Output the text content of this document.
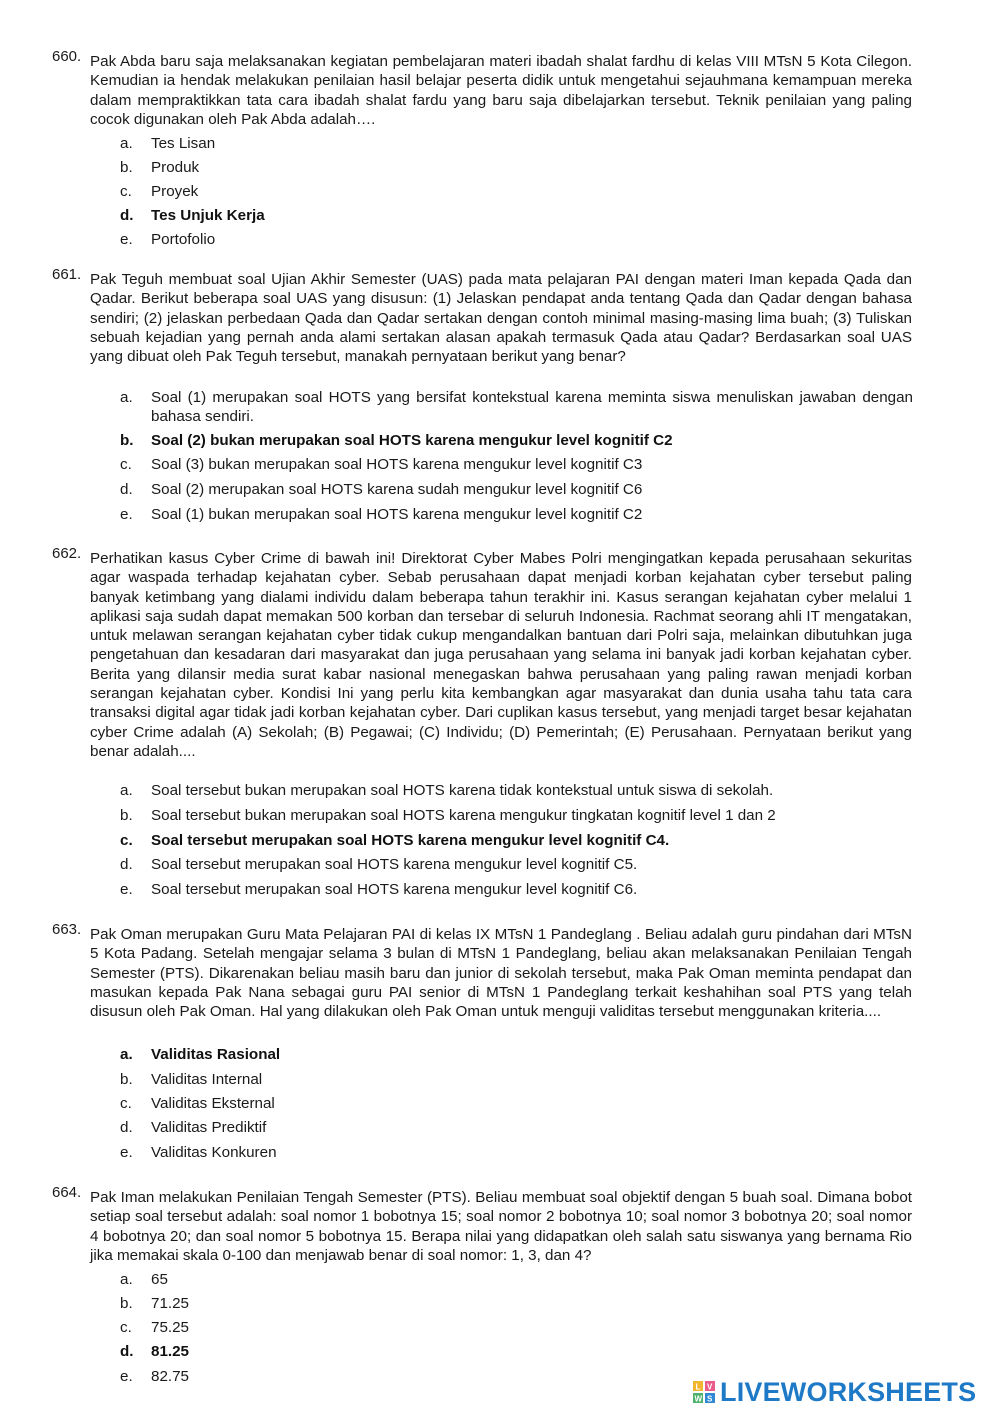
660. Pak Abda baru saja melaksanakan kegiatan pembelajaran materi ibadah shalat fardhu di kelas VIII MTsN 5 Kota Cilegon. Kemudian ia hendak melakukan penilaian hasil belajar peserta didik untuk mengetahui sejauhmana kemampuan mereka dalam mempraktikkan tata cara ibadah shalat fardu yang baru saja dibelajarkan tersebut. Teknik penilaian yang paling cocok digunakan oleh Pak Abda adalah….
a. Tes Lisan
b. Produk
c. Proyek
d. Tes Unjuk Kerja
e. Portofolio
661. Pak Teguh membuat soal Ujian Akhir Semester (UAS) pada mata pelajaran PAI dengan materi Iman kepada Qada dan Qadar. Berikut beberapa soal UAS yang disusun: (1) Jelaskan pendapat anda tentang Qada dan Qadar dengan bahasa sendiri; (2) jelaskan perbedaan Qada dan Qadar sertakan dengan contoh minimal masing-masing lima buah; (3) Tuliskan sebuah kejadian yang pernah anda alami sertakan alasan apakah termasuk Qada atau Qadar? Berdasarkan soal UAS yang dibuat oleh Pak Teguh tersebut, manakah pernyataan berikut yang benar?
a. Soal (1) merupakan soal HOTS yang bersifat kontekstual karena meminta siswa menuliskan jawaban dengan bahasa sendiri.
b. Soal (2) bukan merupakan soal HOTS karena mengukur level kognitif C2
c. Soal (3) bukan merupakan soal HOTS karena mengukur level kognitif C3
d. Soal (2) merupakan soal HOTS karena sudah mengukur level kognitif C6
e. Soal (1) bukan merupakan soal HOTS karena mengukur level kognitif C2
662. Perhatikan kasus Cyber Crime di bawah ini! Direktorat Cyber Mabes Polri mengingatkan kepada perusahaan sekuritas agar waspada terhadap kejahatan cyber. Sebab perusahaan dapat menjadi korban kejahatan cyber tersebut paling banyak ketimbang yang dialami individu dalam beberapa tahun terakhir ini. Kasus serangan kejahatan cyber melalui 1 aplikasi saja sudah dapat memakan 500 korban dan tersebar di seluruh Indonesia. Rachmat seorang ahli IT mengatakan, untuk melawan serangan kejahatan cyber tidak cukup mengandalkan bantuan dari Polri saja, melainkan dibutuhkan juga pengetahuan dan kesadaran dari masyarakat dan juga perusahaan yang selama ini banyak jadi korban kejahatan cyber. Berita yang dilansir media surat kabar nasional menegaskan bahwa perusahaan yang paling rawan menjadi korban serangan kejahatan cyber. Kondisi Ini yang perlu kita kembangkan agar masyarakat dan dunia usaha tahu tata cara transaksi digital agar tidak jadi korban kejahatan cyber. Dari cuplikan kasus tersebut, yang menjadi target besar kejahatan cyber Crime adalah (A) Sekolah; (B) Pegawai; (C) Individu; (D) Pemerintah; (E) Perusahaan. Pernyataan berikut yang benar adalah....
a. Soal tersebut bukan merupakan soal HOTS karena tidak kontekstual untuk siswa di sekolah.
b. Soal tersebut bukan merupakan soal HOTS karena mengukur tingkatan kognitif level 1 dan 2
c. Soal tersebut merupakan soal HOTS karena mengukur level kognitif C4.
d. Soal tersebut merupakan soal HOTS karena mengukur level kognitif C5.
e. Soal tersebut merupakan soal HOTS karena mengukur level kognitif C6.
663. Pak Oman merupakan Guru Mata Pelajaran PAI di kelas IX MTsN 1 Pandeglang . Beliau adalah guru pindahan dari MTsN 5 Kota Padang. Setelah mengajar selama 3 bulan di MTsN 1 Pandeglang, beliau akan melaksanakan Penilaian Tengah Semester (PTS). Dikarenakan beliau masih baru dan junior di sekolah tersebut, maka Pak Oman meminta pendapat dan masukan kepada Pak Nana sebagai guru PAI senior di MTsN 1 Pandeglang terkait keshahihan soal PTS yang telah disusun oleh Pak Oman. Hal yang dilakukan oleh Pak Oman untuk menguji validitas tersebut menggunakan kriteria....
a. Validitas Rasional
b. Validitas Internal
c. Validitas Eksternal
d. Validitas Prediktif
e. Validitas Konkuren
664. Pak Iman melakukan Penilaian Tengah Semester (PTS). Beliau membuat soal objektif dengan 5 buah soal. Dimana bobot setiap soal tersebut adalah: soal nomor 1 bobotnya 15; soal nomor 2 bobotnya 10; soal nomor 3 bobotnya 20; soal nomor 4 bobotnya 20; dan soal nomor 5 bobotnya 15. Berapa nilai yang didapatkan oleh salah satu siswanya yang bernama Rio jika memakai skala 0-100 dan menjawab benar di soal nomor: 1, 3, dan 4?
a. 65
b. 71.25
c. 75.25
d. 81.25
e. 82.75
L V
W S LIVEWORKSHEETS
